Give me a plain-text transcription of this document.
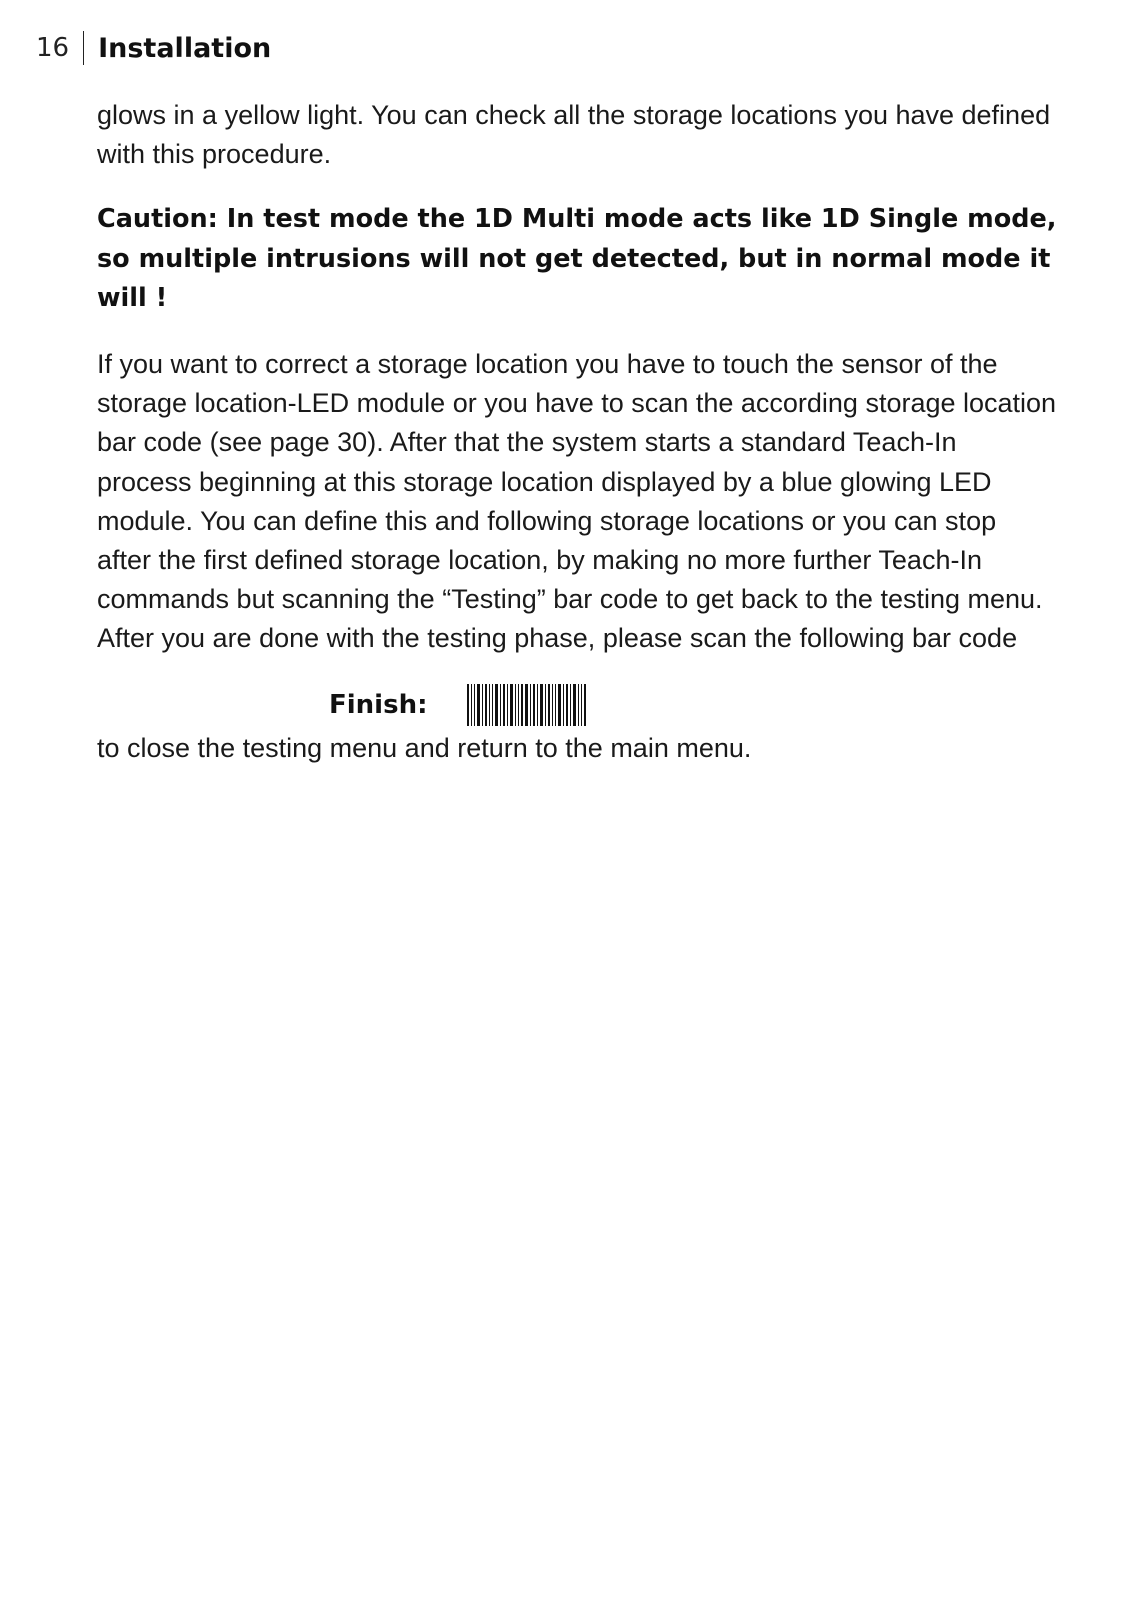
16 Installation

glows in a yellow light. You can check all the storage locations you have defined with this procedure.

Caution: In test mode the 1D Multi mode acts like 1D Single mode, so multiple intrusions will not get detected, but in normal mode it will !

If you want to correct a storage location you have to touch the sensor of the storage location-LED module or you have to scan the according storage location bar code (see page 30). After that the system starts a standard Teach-In process beginning at this storage location displayed by a blue glowing LED module. You can define this and following storage locations or you can stop after the first defined storage location, by making no more further Teach-In commands but scanning the “Testing” bar code to get back to the testing menu. After you are done with the testing phase, please scan the following bar code

Finish:

to close the testing menu and return to the main menu.
